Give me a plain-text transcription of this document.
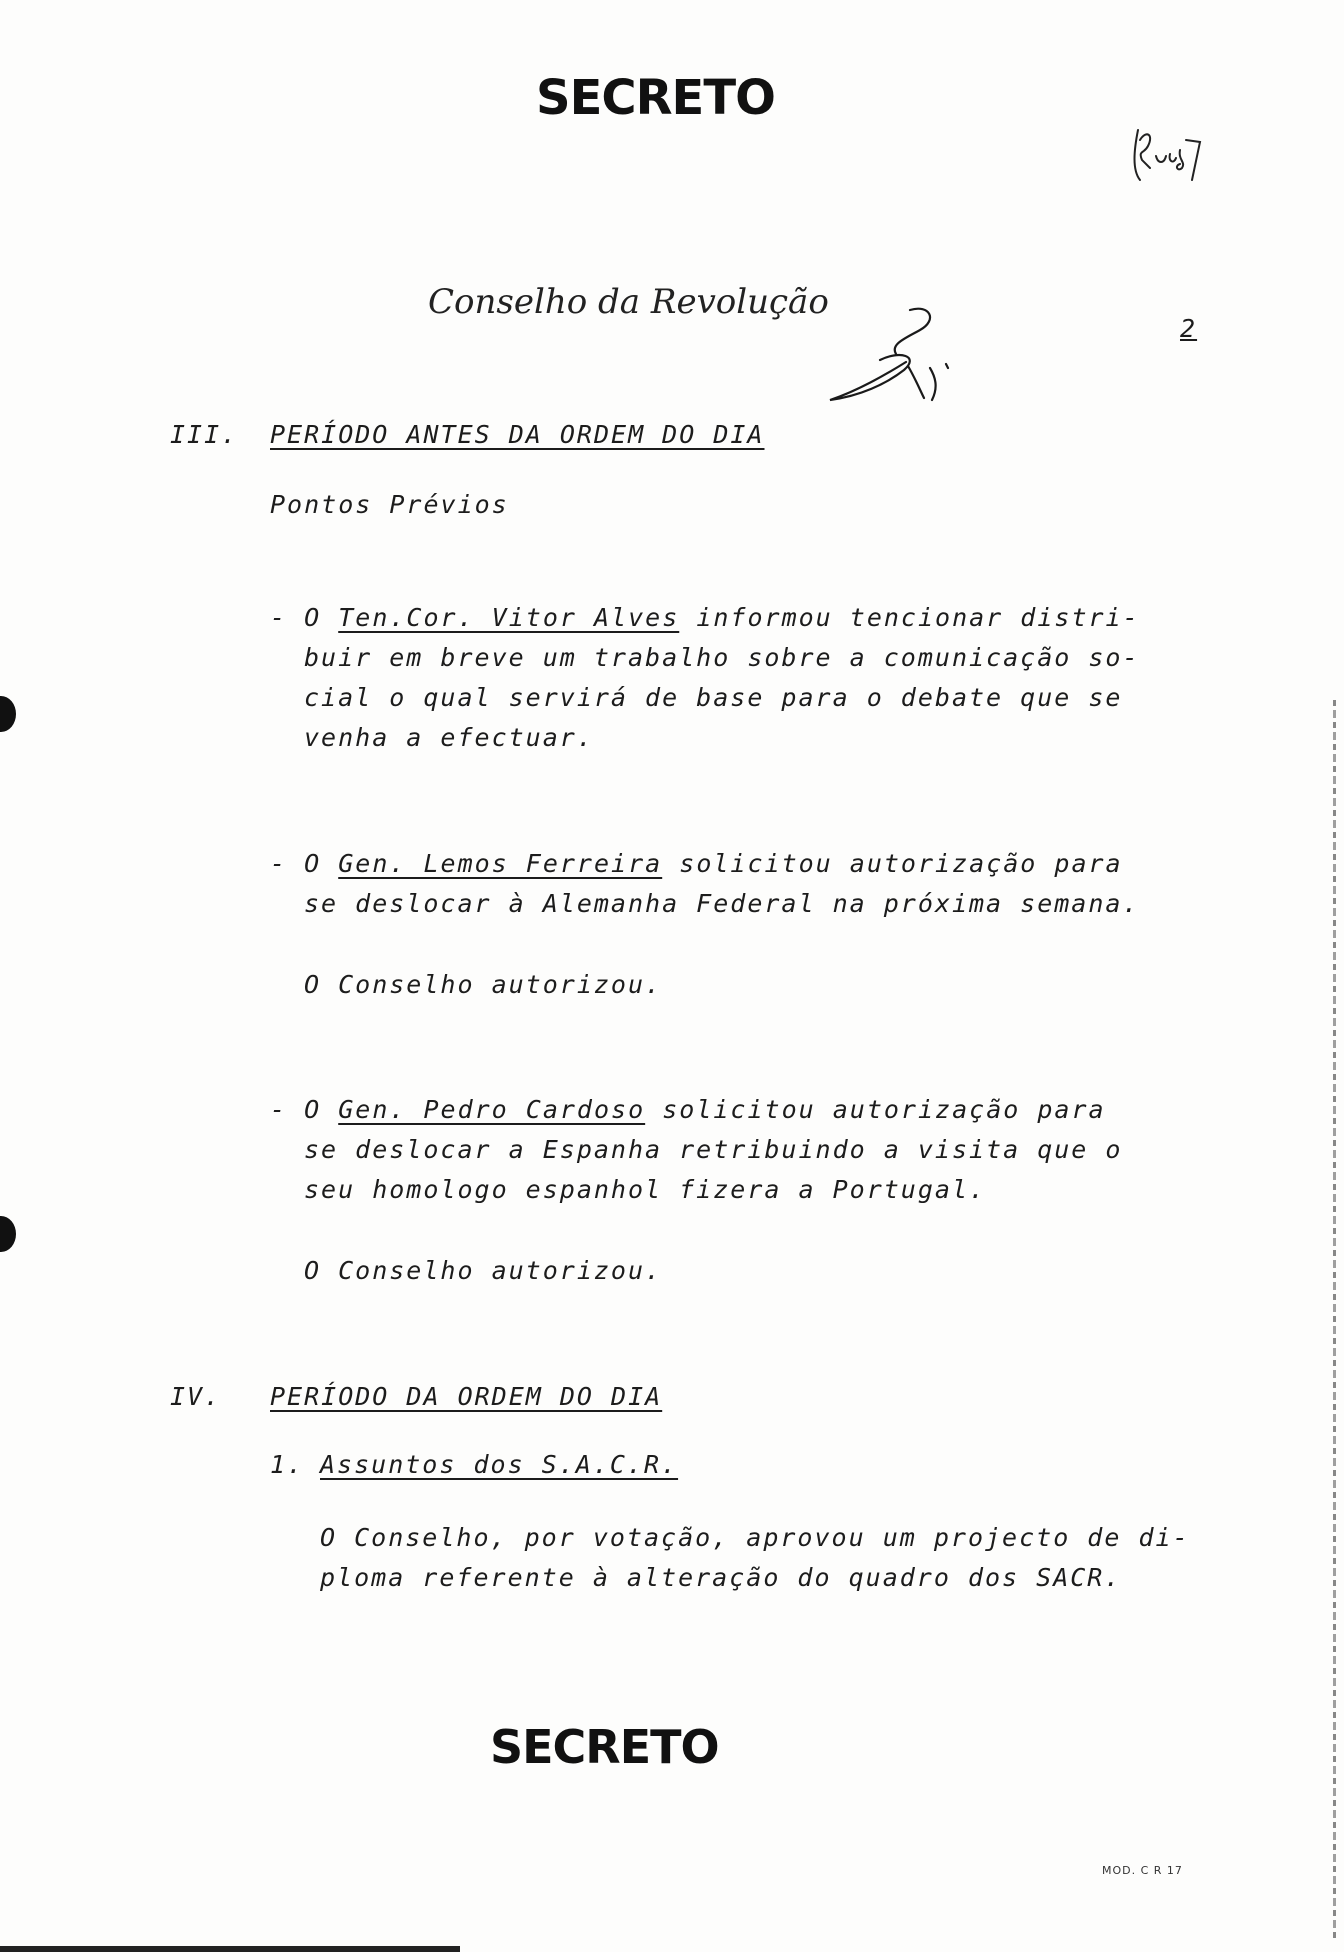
SECRETO
Conselho da Revolução
2
III. PERÍODO ANTES DA ORDEM DO DIA
Pontos Prévios
- O Ten.Cor. Vitor Alves informou tencionar distri-
buir em breve um trabalho sobre a comunicação so-
cial o qual servirá de base para o debate que se
venha a efectuar.
- O Gen. Lemos Ferreira solicitou autorização para
se deslocar à Alemanha Federal na próxima semana.
O Conselho autorizou.
- O Gen. Pedro Cardoso solicitou autorização para
se deslocar a Espanha retribuindo a visita que o
seu homologo espanhol fizera a Portugal.
O Conselho autorizou.
IV. PERÍODO DA ORDEM DO DIA
1. Assuntos dos S.A.C.R.
O Conselho, por votação, aprovou um projecto de di-
ploma referente à alteração do quadro dos SACR.
SECRETO
MOD. C R 17
